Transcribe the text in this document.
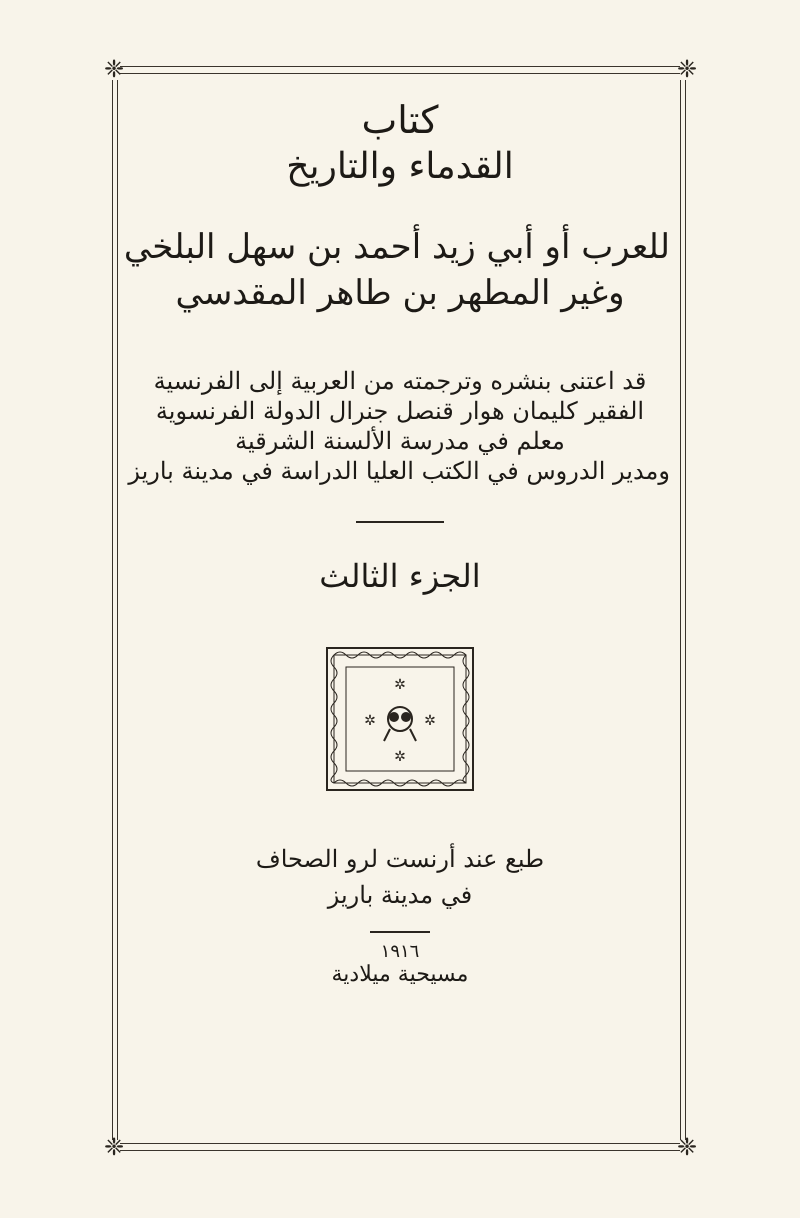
❈	❈
❈	❈
كتاب
القدماء والتاريخ
للعرب أو أبي زيد أحمد بن سهل البلخي
وغير المطهر بن طاهر المقدسي
قد اعتنى بنشره وترجمته من العربية إلى الفرنسية
الفقير كليمان هوار قنصل جنرال الدولة الفرنسوية
معلم في مدرسة الألسنة الشرقية
ومدير الدروس في الكتب العليا الدراسة في مدينة باريز
الجزء الثالث
✲
✲	✲
✲
طبع عند أرنست لرو الصحاف
في مدينة باريز
١٩١٦
مسيحية ميلادية
